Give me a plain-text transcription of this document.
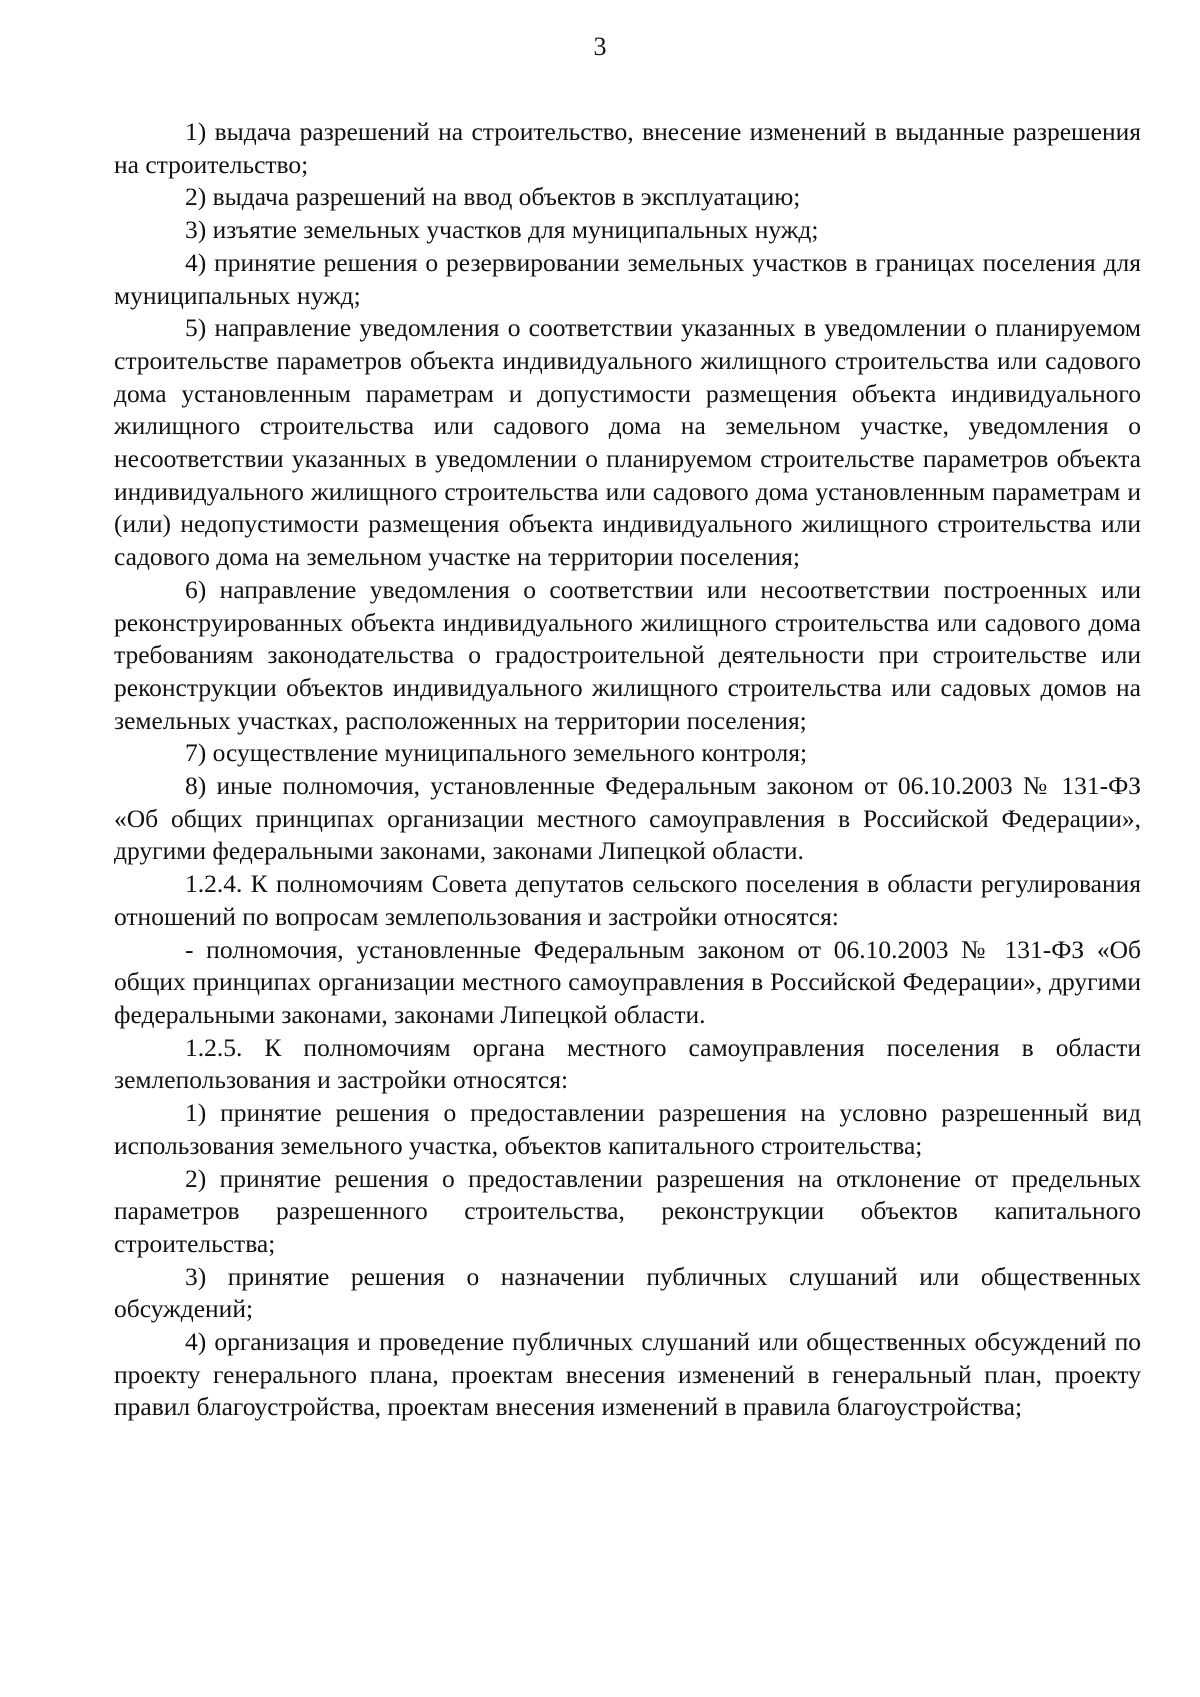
3

1) выдача разрешений на строительство, внесение изменений в выданные разрешения на строительство;

2) выдача разрешений на ввод объектов в эксплуатацию;

3) изъятие земельных участков для муниципальных нужд;

4) принятие решения о резервировании земельных участков в границах поселения для муниципальных нужд;

5) направление уведомления о соответствии указанных в уведомлении о планируемом строительстве параметров объекта индивидуального жилищного строительства или садового дома установленным параметрам и допустимости размещения объекта индивидуального жилищного строительства или садового дома на земельном участке, уведомления о несоответствии указанных в уведомлении о планируемом строительстве параметров объекта индивидуального жилищного строительства или садового дома установленным параметрам и (или) недопустимости размещения объекта индивидуального жилищного строительства или садового дома на земельном участке на территории поселения;

6) направление уведомления о соответствии или несоответствии построенных или реконструированных объекта индивидуального жилищного строительства или садового дома требованиям законодательства о градостроительной деятельности при строительстве или реконструкции объектов индивидуального жилищного строительства или садовых домов на земельных участках, расположенных на территории поселения;

7) осуществление муниципального земельного контроля;

8) иные полномочия, установленные Федеральным законом от 06.10.2003 № 131-ФЗ «Об общих принципах организации местного самоуправления в Российской Федерации», другими федеральными законами, законами Липецкой области.

1.2.4. К полномочиям Совета депутатов сельского поселения в области регулирования отношений по вопросам землепользования и застройки относятся:

- полномочия, установленные Федеральным законом от 06.10.2003 № 131-ФЗ «Об общих принципах организации местного самоуправления в Российской Федерации», другими федеральными законами, законами Липецкой области.

1.2.5. К полномочиям органа местного самоуправления поселения в области землепользования и застройки относятся:

1) принятие решения о предоставлении разрешения на условно разрешенный вид использования земельного участка, объектов капитального строительства;

2) принятие решения о предоставлении разрешения на отклонение от предельных параметров разрешенного строительства, реконструкции объектов капитального строительства;

3) принятие решения о назначении публичных слушаний или общественных обсуждений;

4) организация и проведение публичных слушаний или общественных обсуждений по проекту генерального плана, проектам внесения изменений в генеральный план, проекту правил благоустройства, проектам внесения изменений в правила благоустройства;
